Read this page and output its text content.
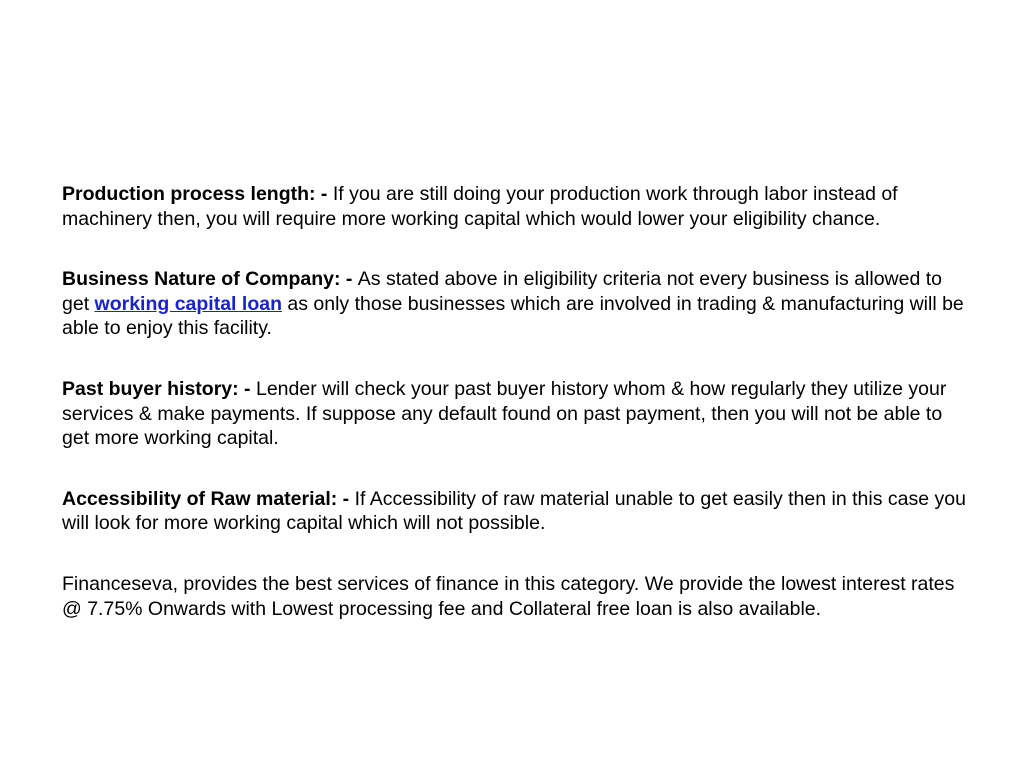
Production process length: - If you are still doing your production work through labor instead of machinery then, you will require more working capital which would lower your eligibility chance.

Business Nature of Company: - As stated above in eligibility criteria not every business is allowed to get working capital loan as only those businesses which are involved in trading & manufacturing will be able to enjoy this facility.

Past buyer history: - Lender will check your past buyer history whom & how regularly they utilize your services & make payments. If suppose any default found on past payment, then you will not be able to get more working capital.

Accessibility of Raw material: - If Accessibility of raw material unable to get easily then in this case you will look for more working capital which will not possible.

Financeseva, provides the best services of finance in this category. We provide the lowest interest rates @ 7.75% Onwards with Lowest processing fee and Collateral free loan is also available.
